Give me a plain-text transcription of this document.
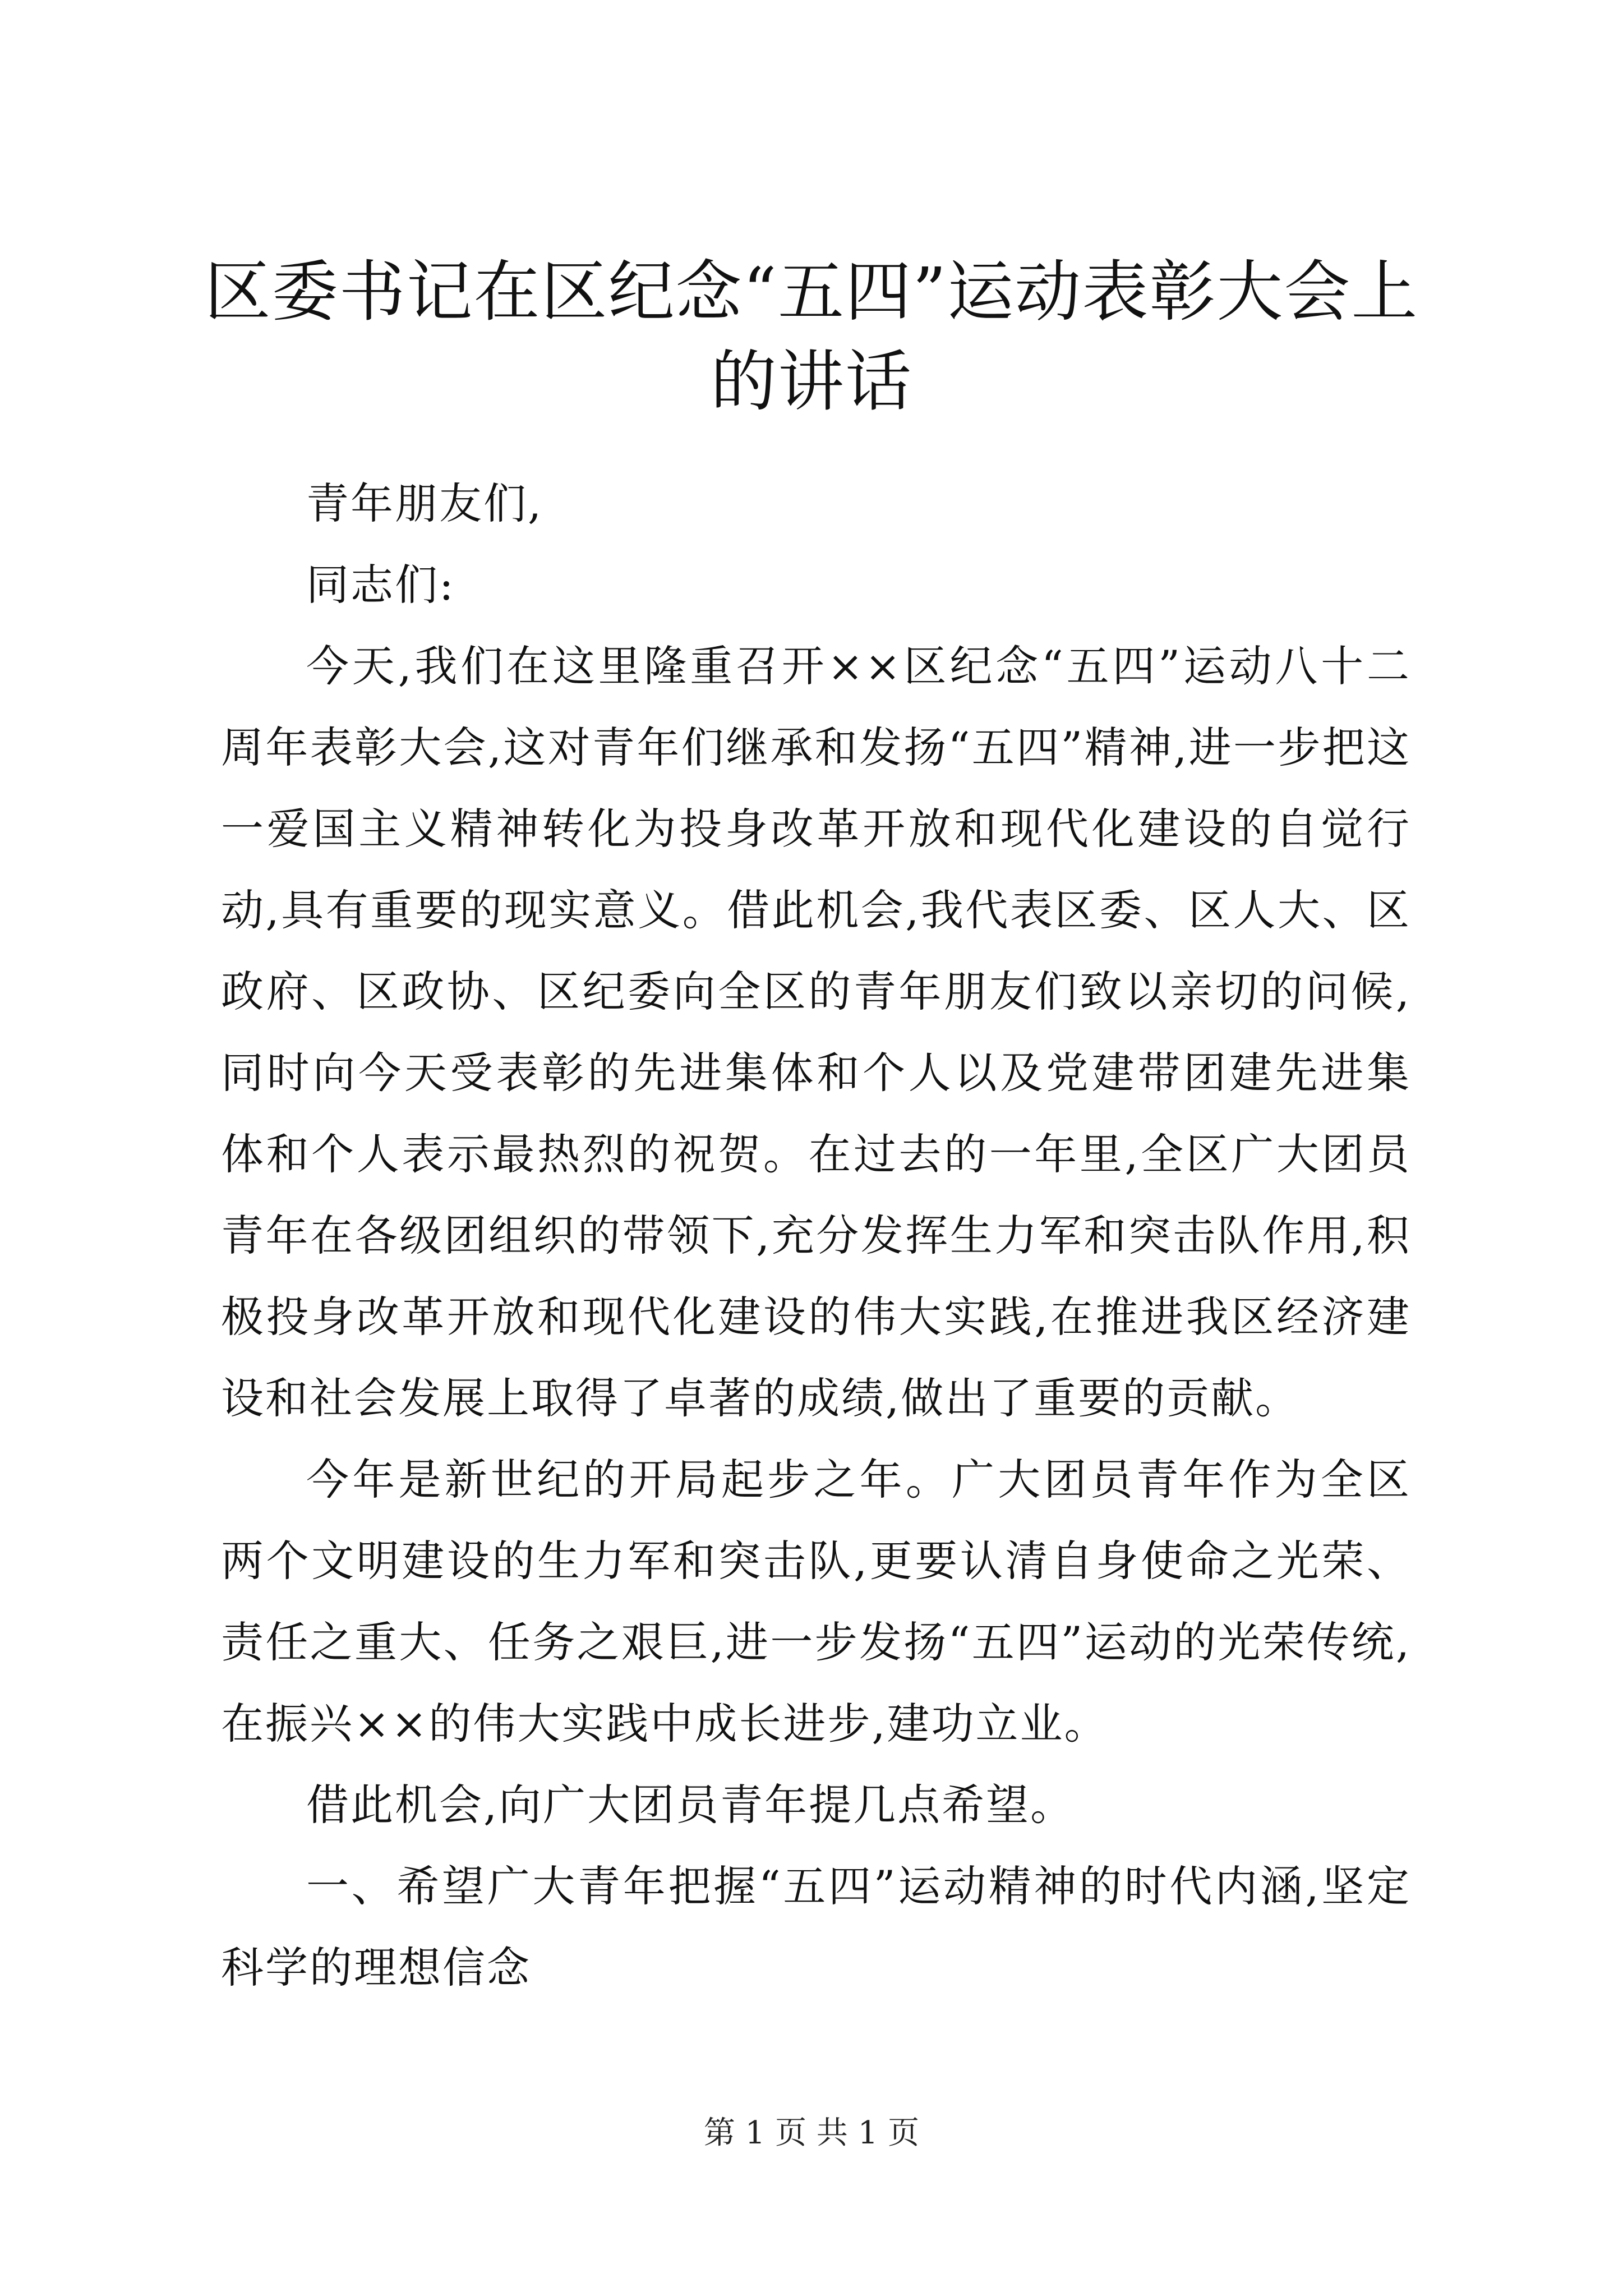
区委书记在区纪念“五四”运动表彰大会上的讲话

青年朋友们,

同志们:

今天,我们在这里隆重召开××区纪念“五四”运动八十二周年表彰大会,这对青年们继承和发扬“五四”精神,进一步把这一爱国主义精神转化为投身改革开放和现代化建设的自觉行动,具有重要的现实意义。借此机会,我代表区委、区人大、区政府、区政协、区纪委向全区的青年朋友们致以亲切的问候,同时向今天受表彰的先进集体和个人以及党建带团建先进集体和个人表示最热烈的祝贺。在过去的一年里,全区广大团员青年在各级团组织的带领下,充分发挥生力军和突击队作用,积极投身改革开放和现代化建设的伟大实践,在推进我区经济建设和社会发展上取得了卓著的成绩,做出了重要的贡献。

今年是新世纪的开局起步之年。广大团员青年作为全区两个文明建设的生力军和突击队,更要认清自身使命之光荣、责任之重大、任务之艰巨,进一步发扬“五四”运动的光荣传统,在振兴××的伟大实践中成长进步,建功立业。

借此机会,向广大团员青年提几点希望。

一、希望广大青年把握“五四”运动精神的时代内涵,坚定科学的理想信念

第 1 页 共 1 页
